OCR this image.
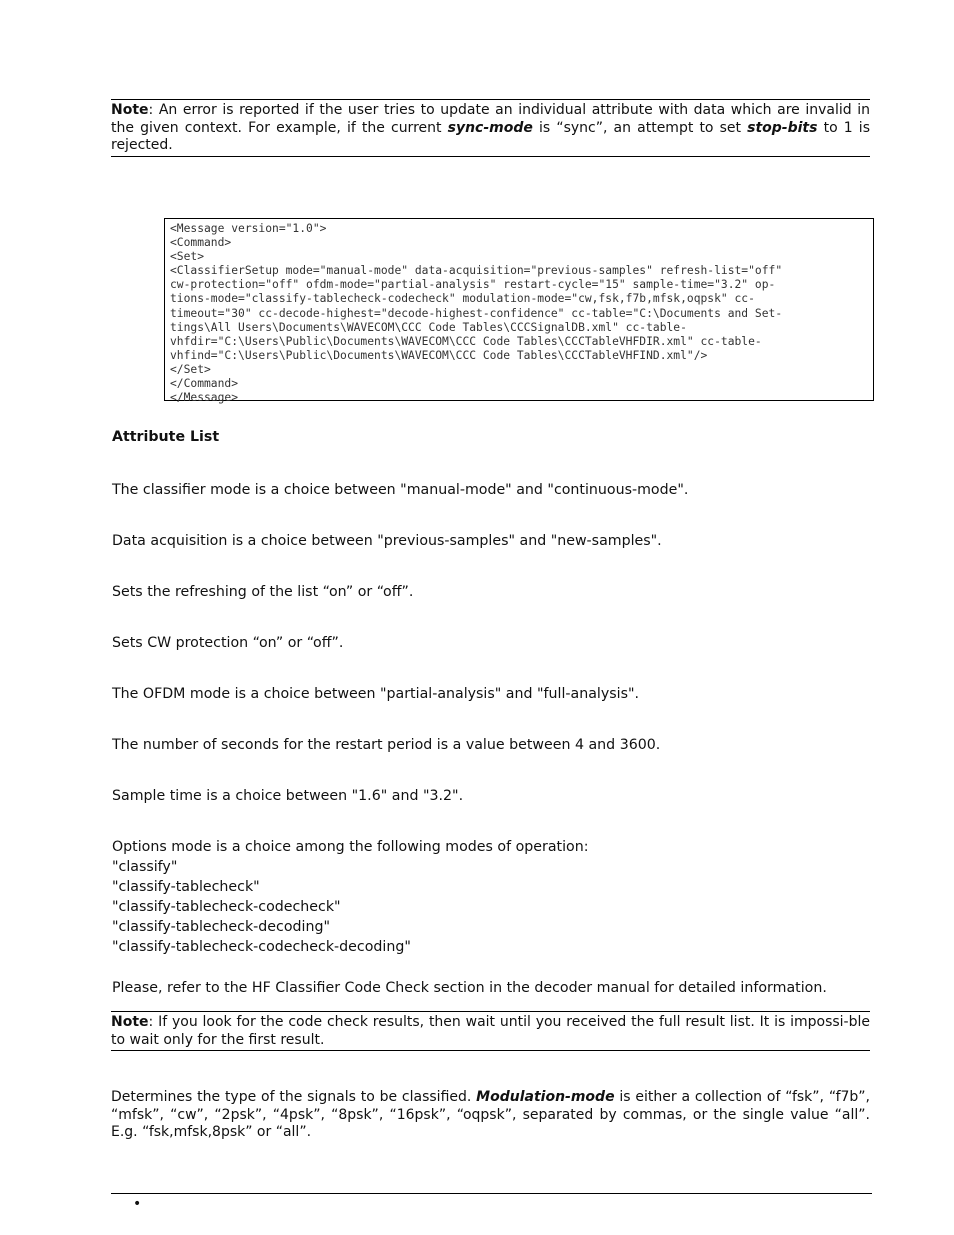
Note: An error is reported if the user tries to update an individual attribute with data which are invalid in the given context. For example, if the current sync-mode is “sync”, an attempt to set stop-bits to 1 is rejected.
<Message version="1.0">
<Command>
<Set>
<ClassifierSetup mode="manual-mode" data-acquisition="previous-samples" refresh-list="off"
cw-protection="off" ofdm-mode="partial-analysis" restart-cycle="15" sample-time="3.2" op-
tions-mode="classify-tablecheck-codecheck" modulation-mode="cw,fsk,f7b,mfsk,oqpsk" cc-
timeout="30" cc-decode-highest="decode-highest-confidence" cc-table="C:\Documents and Set-
tings\All Users\Documents\WAVECOM\CCC Code Tables\CCCSignalDB.xml" cc-table-
vhfdir="C:\Users\Public\Documents\WAVECOM\CCC Code Tables\CCCTableVHFDIR.xml" cc-table-
vhfind="C:\Users\Public\Documents\WAVECOM\CCC Code Tables\CCCTableVHFIND.xml"/>
</Set>
</Command>
</Message>
Attribute List
The classifier mode is a choice between "manual-mode" and "continuous-mode".
Data acquisition is a choice between "previous-samples" and "new-samples".
Sets the refreshing of the list “on” or “off”.
Sets CW protection “on” or “off”.
The OFDM mode is a choice between "partial-analysis" and "full-analysis".
The number of seconds for the restart period is a value between 4 and 3600.
Sample time is a choice between "1.6" and "3.2".
Options mode is a choice among the following modes of operation:
"classify"
"classify-tablecheck"
"classify-tablecheck-codecheck"
"classify-tablecheck-decoding"
"classify-tablecheck-codecheck-decoding"
Please, refer to the HF Classifier Code Check section in the decoder manual for detailed information.
Note: If you look for the code check results, then wait until you received the full result list. It is impossi-ble to wait only for the first result.
Determines the type of the signals to be classified. Modulation-mode is either a collection of “fsk”, “f7b”, “mfsk”, “cw”, “2psk”, “4psk”, “8psk”, “16psk”, “oqpsk”, separated by commas, or the single value “all”. E.g. “fsk,mfsk,8psk” or “all”.
•
